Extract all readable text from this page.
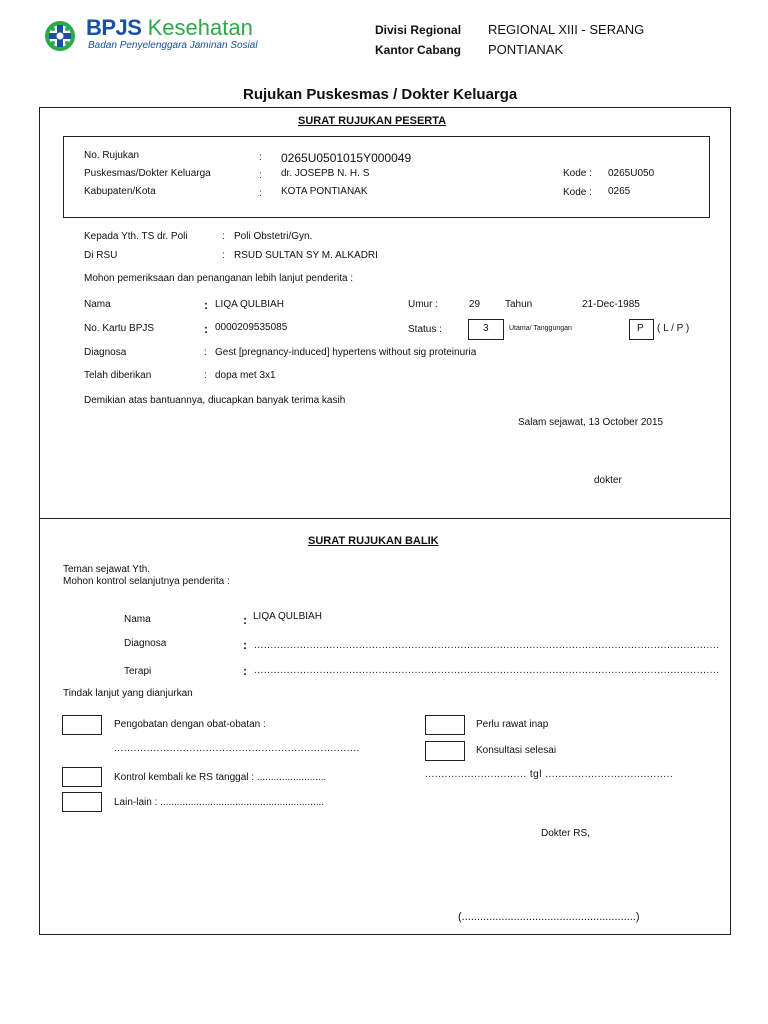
BPJS Kesehatan
Badan Penyelenggara Jaminan Sosial
Divisi Regional REGIONAL XIII - SERANG
Kantor Cabang PONTIANAK
Rujukan Puskesmas / Dokter Keluarga
SURAT RUJUKAN PESERTA
No. Rujukan	: 0265U0501015Y000049
Puskesmas/Dokter Keluarga	: dr. JOSEPB N. H. S	Kode : 0265U050
Kabupaten/Kota	: KOTA PONTIANAK	Kode : 0265
Kepada Yth. TS dr. Poli	: Poli Obstetri/Gyn.
Di RSU	: RSUD SULTAN SY M. ALKADRI
Mohon pemeriksaan dan penanganan lebih lanjut penderita :
Nama	: LIQA QULBIAH	Umur :	29 Tahun	21-Dec-1985
No. Kartu BPJS	: 0000209535085	Status :	3	Utama/ Tanggungan	P ( L / P )
Diagnosa	: Gest [pregnancy-induced] hypertens without sig proteinuria
Telah diberikan	: dopa met 3x1
Demikian atas bantuannya, diucapkan banyak terima kasih
Salam sejawat, 13 October 2015
dokter
SURAT RUJUKAN BALIK
Teman sejawat Yth.
Mohon kontrol selanjutnya penderita :
Nama	: LIQA QULBIAH
Diagnosa	: ..............................................................................................................................................
Terapi	: ..............................................................................................................................................
Tindak lanjut yang dianjurkan
Pengobatan dengan obat-obatan :
...........................................................................
Kontrol kembali ke RS tanggal : .........................
Lain-lain : ...........................................................
Perlu rawat inap
Konsultasi selesai
............................... tgl .......................................
Dokter RS,
(.........................................................)
